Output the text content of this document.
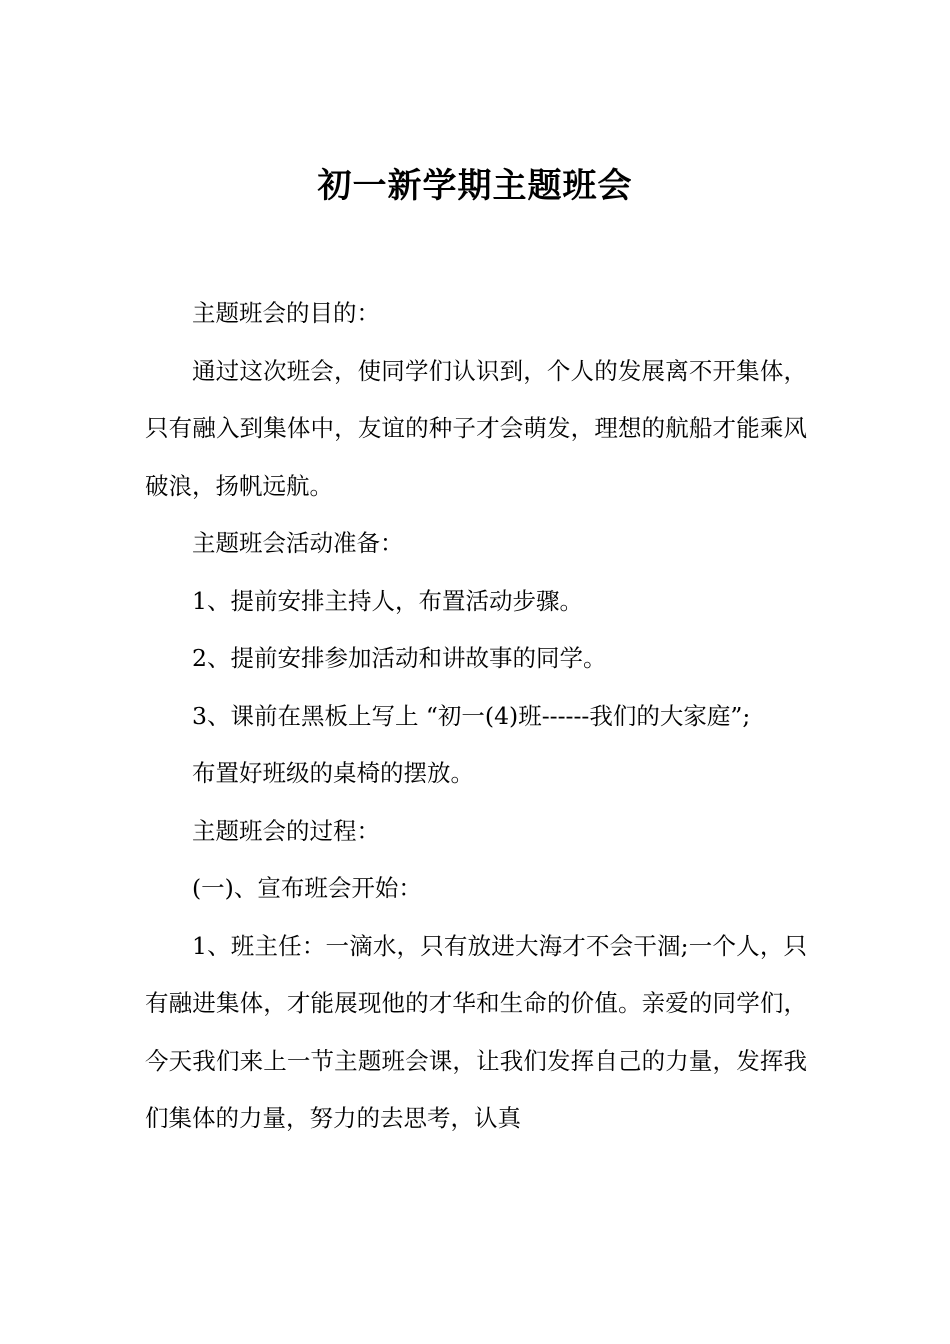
初一新学期主题班会

主题班会的目的：

通过这次班会，使同学们认识到，个人的发展离不开集体，只有融入到集体中，友谊的种子才会萌发，理想的航船才能乘风破浪，扬帆远航。

主题班会活动准备：

1、提前安排主持人，布置活动步骤。

2、提前安排参加活动和讲故事的同学。

3、课前在黑板上写上 “初一(4)班------我们的大家庭”;

布置好班级的桌椅的摆放。

主题班会的过程：

(一)、宣布班会开始：

1、班主任：一滴水，只有放进大海才不会干涸;一个人，只有融进集体，才能展现他的才华和生命的价值。亲爱的同学们，今天我们来上一节主题班会课，让我们发挥自己的力量，发挥我们集体的力量，努力的去思考，认真
